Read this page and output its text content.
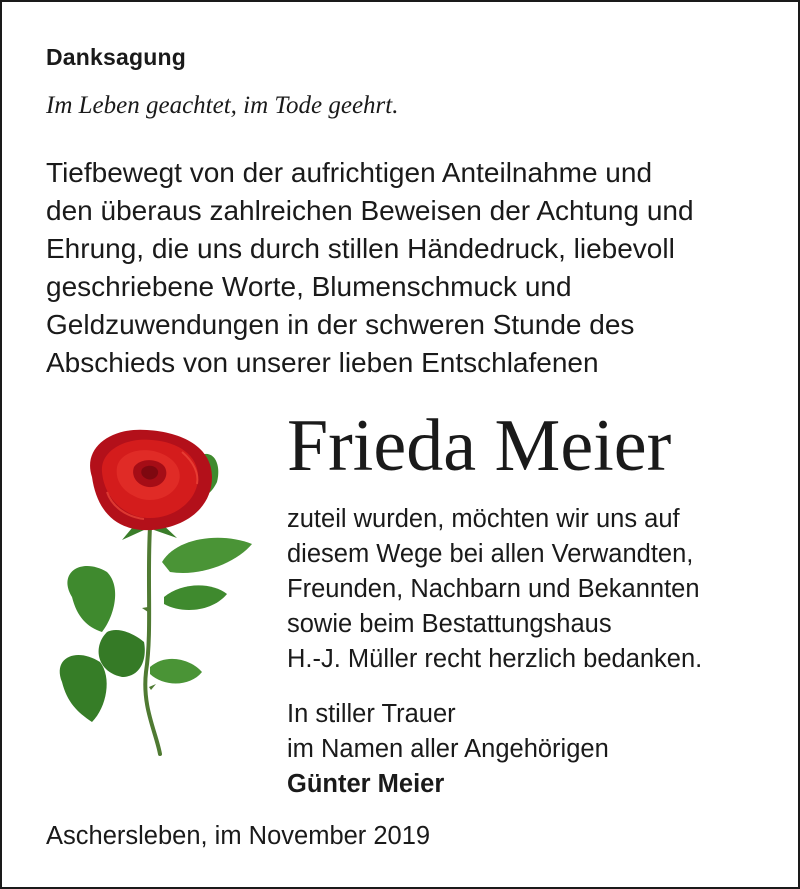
Danksagung
Im Leben geachtet, im Tode geehrt.
Tiefbewegt von der aufrichtigen Anteilnahme und
den überaus zahlreichen Beweisen der Achtung und
Ehrung, die uns durch stillen Händedruck, liebevoll
geschriebene Worte, Blumenschmuck und
Geldzuwendungen in der schweren Stunde des
Abschieds von unserer lieben Entschlafenen
Frieda Meier
zuteil wurden, möchten wir uns auf
diesem Wege bei allen Verwandten,
Freunden, Nachbarn und Bekannten
sowie beim Bestattungshaus
H.-J. Müller recht herzlich bedanken.
In stiller Trauer
im Namen aller Angehörigen
Günter Meier
Aschersleben, im November 2019
